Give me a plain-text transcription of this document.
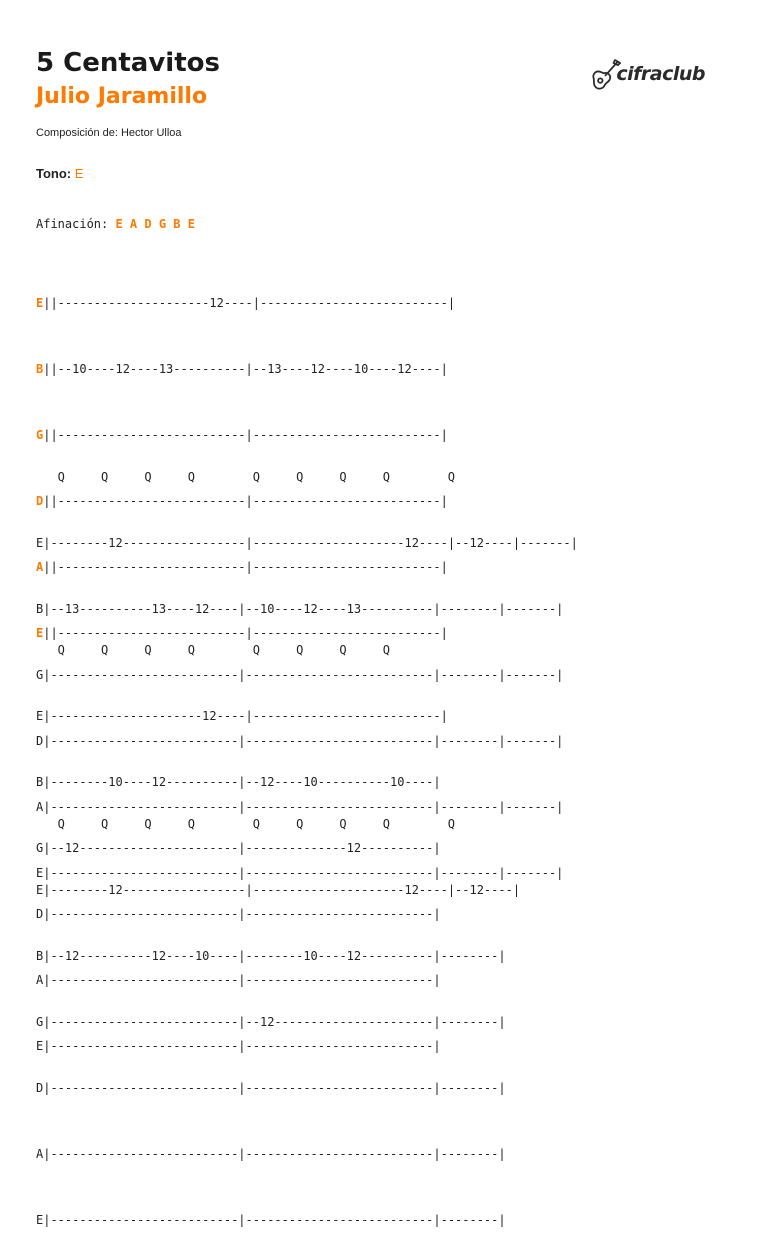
5 Centavitos
Julio Jaramillo
cifraclub
Composición de: Hector Ulloa
Tono: E
Afinación: E A D G B E

E||---------------------12----|--------------------------|

B||--10----12----13----------|--13----12----10----12----|

G||--------------------------|--------------------------|

D||--------------------------|--------------------------|

A||--------------------------|--------------------------|

E||--------------------------|--------------------------|

Q     Q     Q     Q        Q     Q     Q     Q        Q

E|--------12-----------------|---------------------12----|--12----|-------|

B|--13----------13----12----|--10----12----13----------|--------|-------|

G|--------------------------|--------------------------|--------|-------|

D|--------------------------|--------------------------|--------|-------|

A|--------------------------|--------------------------|--------|-------|

E|--------------------------|--------------------------|--------|-------|

Q     Q     Q     Q        Q     Q     Q     Q

E|---------------------12----|--------------------------|

B|--------10----12----------|--12----10----------10----|

G|--12----------------------|--------------12----------|

D|--------------------------|--------------------------|

A|--------------------------|--------------------------|

E|--------------------------|--------------------------|

Q     Q     Q     Q        Q     Q     Q     Q        Q

E|--------12-----------------|---------------------12----|--12----|

B|--12----------12----10----|--------10----12----------|--------|

G|--------------------------|--12----------------------|--------|

D|--------------------------|--------------------------|--------|

A|--------------------------|--------------------------|--------|

E|--------------------------|--------------------------|--------|
